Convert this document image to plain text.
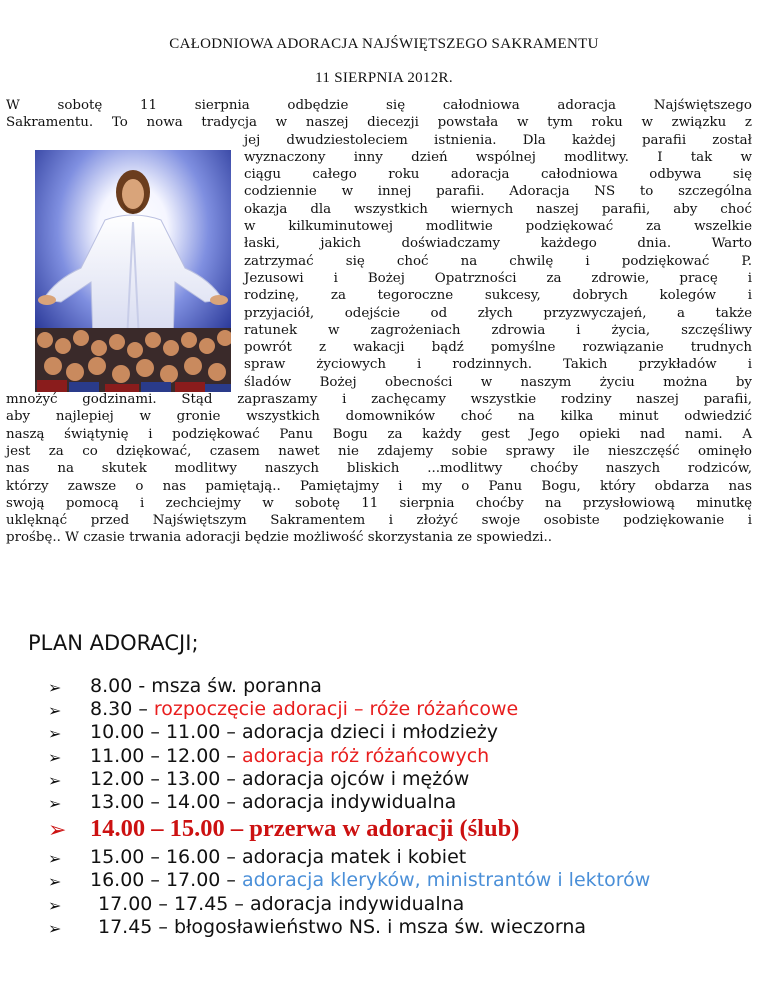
CAŁODNIOWA ADORACJA NAJŚWIĘTSZEGO SAKRAMENTU
11 SIERPNIA 2012R.
W sobotę 11 sierpnia odbędzie się całodniowa adoracja Najświętszego
Sakramentu. To nowa tradycja w naszej diecezji powstała w tym roku w związku z
jej dwudziestoleciem istnienia. Dla każdej parafii został
wyznaczony inny dzień wspólnej modlitwy. I tak w
ciągu całego roku adoracja całodniowa odbywa się
codziennie w innej parafii. Adoracja NS to szczególna
okazja dla wszystkich wiernych naszej parafii, aby choć
w kilkuminutowej modlitwie podziękować za wszelkie
łaski, jakich doświadczamy każdego dnia. Warto
zatrzymać się choć na chwilę i podziękować P.
Jezusowi i Bożej Opatrzności za zdrowie, pracę i
rodzinę, za tegoroczne sukcesy, dobrych kolegów i
przyjaciół, odejście od złych przyzwyczajeń, a także
ratunek w zagrożeniach zdrowia i życia, szczęśliwy
powrót z wakacji bądź pomyślne rozwiązanie trudnych
spraw życiowych i rodzinnych. Takich przykładów i
śladów Bożej obecności w naszym życiu można by
mnożyć godzinami. Stąd zapraszamy i zachęcamy wszystkie rodziny naszej parafii,
aby najlepiej w gronie wszystkich domowników choć na kilka minut odwiedzić
naszą świątynię i podziękować Panu Bogu za każdy gest Jego opieki nad nami. A
jest za co dziękować, czasem nawet nie zdajemy sobie sprawy ile nieszczęść ominęło
nas na skutek modlitwy naszych bliskich ...modlitwy choćby naszych rodziców,
którzy zawsze o nas pamiętają.. Pamiętajmy i my o Panu Bogu, który obdarza nas
swoją pomocą i zechciejmy w sobotę 11 sierpnia choćby na przysłowiową minutkę
uklęknąć przed Najświętszym Sakramentem i złożyć swoje osobiste podziękowanie i
prośbę.. W czasie trwania adoracji będzie możliwość skorzystania ze spowiedzi..
PLAN ADORACJI;
➢ 8.00 - msza św. poranna
➢ 8.30 – rozpoczęcie adoracji – róże różańcowe
➢ 10.00 – 11.00 – adoracja dzieci i młodzieży
➢ 11.00 – 12.00 – adoracja róż różańcowych
➢ 12.00 – 13.00 – adoracja ojców i mężów
➢ 13.00 – 14.00 – adoracja indywidualna
➢ 14.00 – 15.00 – przerwa w adoracji (ślub)
➢ 15.00 – 16.00 – adoracja matek i kobiet
➢ 16.00 – 17.00 – adoracja kleryków, ministrantów i lektorów
➢ 17.00 – 17.45 – adoracja indywidualna
➢ 17.45 – błogosławieństwo NS. i msza św. wieczorna
